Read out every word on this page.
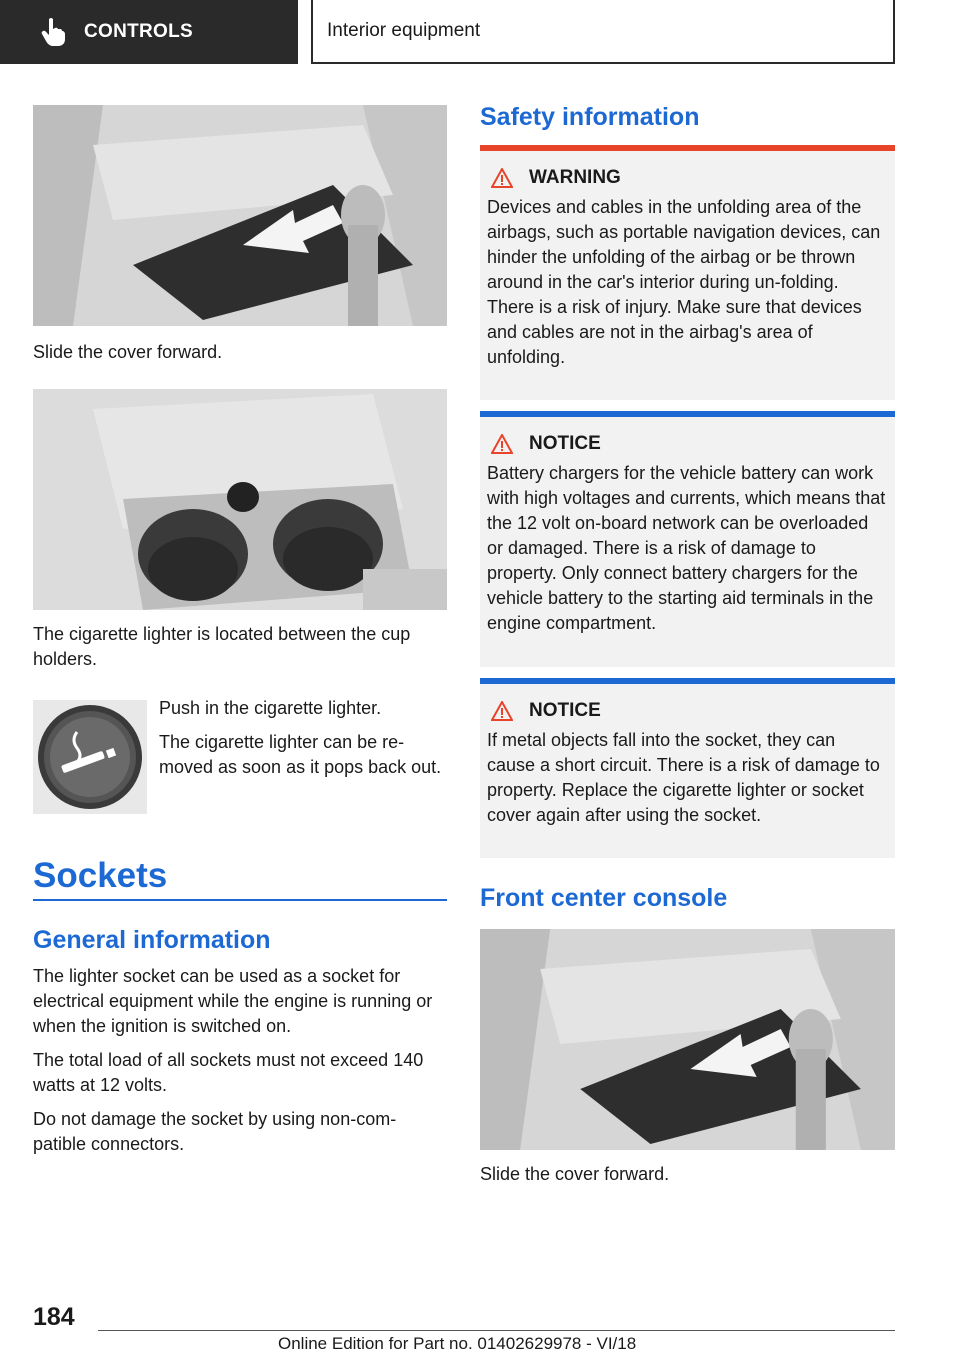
CONTROLS	Interior equipment

Slide the cover forward.

The cigarette lighter is located between the cup holders.

Push in the cigarette lighter.

The cigarette lighter can be re‐moved as soon as it pops back out.

Sockets
General information

The lighter socket can be used as a socket for electrical equipment while the engine is running or when the ignition is switched on.

The total load of all sockets must not exceed 140 watts at 12 volts.

Do not damage the socket by using non-com‐patible connectors.

Safety information
WARNING
Devices and cables in the unfolding area of the airbags, such as portable navigation devices, can hinder the unfolding of the airbag or be thrown around in the car's interior during un‐folding. There is a risk of injury. Make sure that devices and cables are not in the airbag's area of unfolding.
NOTICE
Battery chargers for the vehicle battery can work with high voltages and currents, which means that the 12 volt on-board network can be overloaded or damaged. There is a risk of damage to property. Only connect battery chargers for the vehicle battery to the starting aid terminals in the engine compartment.
NOTICE
If metal objects fall into the socket, they can cause a short circuit. There is a risk of damage to property. Replace the cigarette lighter or socket cover again after using the socket.
Front center console

Slide the cover forward.

184
Online Edition for Part no. 01402629978 - VI/18
